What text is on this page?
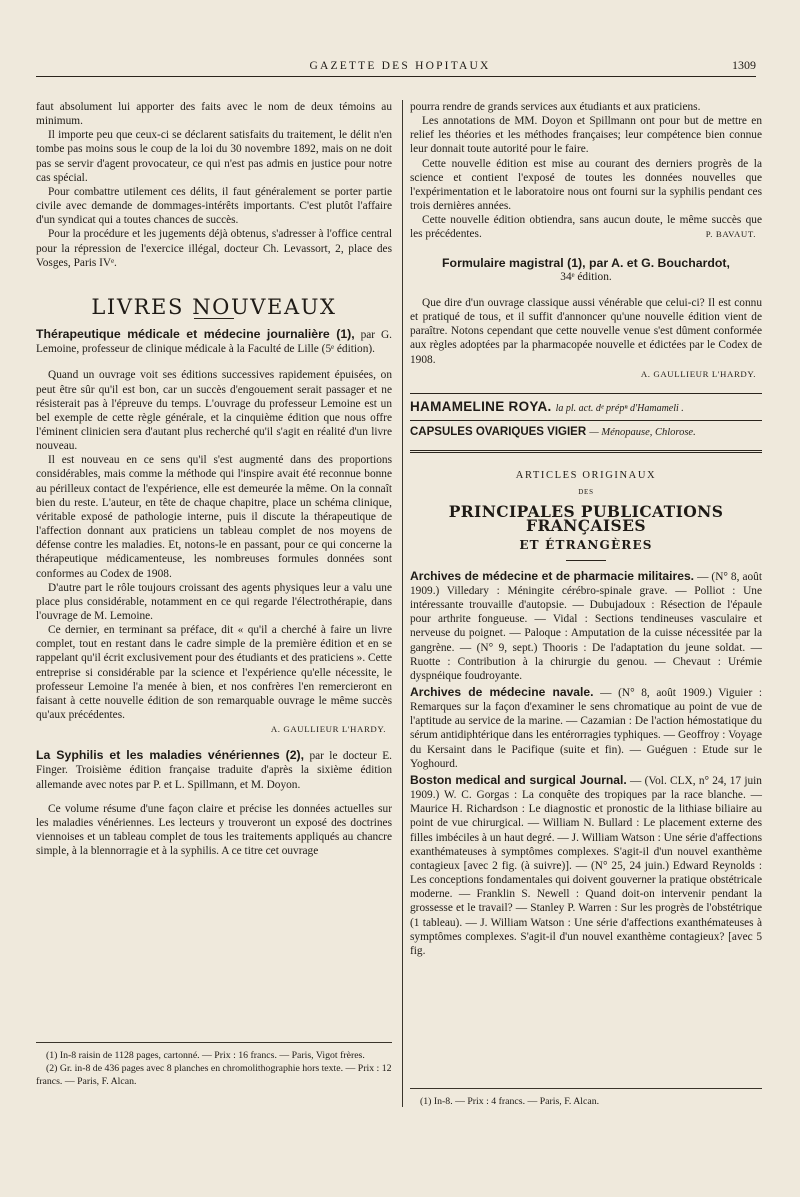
GAZETTE DES HOPITAUX	1309

faut absolument lui apporter des faits avec le nom de deux témoins au minimum.

Il importe peu que ceux-ci se déclarent satisfaits du traitement, le délit n'en tombe pas moins sous le coup de la loi du 30 novembre 1892, mais on ne doit pas se servir d'agent provocateur, ce qui n'est pas admis en justice pour notre cas spécial.

Pour combattre utilement ces délits, il faut généralement se porter partie civile avec demande de dommages-intérêts importants. C'est plutôt l'affaire d'un syndicat qui a toutes chances de succès.

Pour la procédure et les jugements déjà obtenus, s'adresser à l'office central pour la répression de l'exercice illégal, docteur Ch. Levassort, 2, place des Vosges, Paris IVᵉ.

LIVRES NOUVEAUX

Thérapeutique médicale et médecine journalière (1), par G. Lemoine, professeur de clinique médicale à la Faculté de Lille (5ᵉ édition).

Quand un ouvrage voit ses éditions successives rapidement épuisées, on peut être sûr qu'il est bon, car un succès d'engouement serait passager et ne résisterait pas à l'épreuve du temps. L'ouvrage du professeur Lemoine est un bel exemple de cette règle générale, et la cinquième édition que nous offre l'éminent clinicien sera d'autant plus recherché qu'il s'agit en réalité d'un livre nouveau.

Il est nouveau en ce sens qu'il s'est augmenté dans des proportions considérables, mais comme la méthode qui l'inspire avait été reconnue bonne au périlleux contact de l'expérience, elle est demeurée la même. On la connaît bien du reste. L'auteur, en tête de chaque chapitre, place un schéma clinique, véritable exposé de pathologie interne, puis il discute la thérapeutique de l'affection donnant aux praticiens un tableau complet de nos moyens de défense contre les maladies. Et, notons-le en passant, pour ce qui concerne la thérapeutique médicamenteuse, les nombreuses formules données sont conformes au Codex de 1908.

D'autre part le rôle toujours croissant des agents physiques leur a valu une place plus considérable, notamment en ce qui regarde l'électrothérapie, dans l'ouvrage de M. Lemoine.

Ce dernier, en terminant sa préface, dit « qu'il a cherché à faire un livre complet, tout en restant dans le cadre simple de la première édition et en se rappelant qu'il écrit exclusivement pour des étudiants et des praticiens ». Cette entreprise si considérable par la science et l'expérience qu'elle nécessite, le professeur Lemoine l'a menée à bien, et nos confrères l'en remercieront en faisant à cette nouvelle édition de son remarquable ouvrage le même succès qu'aux précédentes.

A. GAULLIEUR L'HARDY.

La Syphilis et les maladies vénériennes (2), par le docteur E. Finger. Troisième édition française traduite d'après la sixième édition allemande avec notes par P. et L. Spillmann, et M. Doyon.

Ce volume résume d'une façon claire et précise les données actuelles sur les maladies vénériennes. Les lecteurs y trouveront un exposé des doctrines viennoises et un tableau complet de tous les traitements appliqués au chancre simple, à la blennorragie et à la syphilis. A ce titre cet ouvrage

(1) In-8 raisin de 1128 pages, cartonné. — Prix : 16 francs. — Paris, Vigot frères.

(2) Gr. in-8 de 436 pages avec 8 planches en chromolithographie hors texte. — Prix : 12 francs. — Paris, F. Alcan.

pourra rendre de grands services aux étudiants et aux praticiens.

Les annotations de MM. Doyon et Spillmann ont pour but de mettre en relief les théories et les méthodes françaises; leur compétence bien connue leur donnait toute autorité pour le faire.

Cette nouvelle édition est mise au courant des derniers progrès de la science et contient l'exposé de toutes les données nouvelles que l'expérimentation et le laboratoire nous ont fourni sur la syphilis pendant ces trois dernières années.

Cette nouvelle édition obtiendra, sans aucun doute, le même succès que les précédentes.	P. BAVAUT.

Formulaire magistral (1), par A. et G. Bouchardot,
34ᵉ édition.

Que dire d'un ouvrage classique aussi vénérable que celui-ci? Il est connu et pratiqué de tous, et il suffit d'annoncer qu'une nouvelle édition vient de paraître. Notons cependant que cette nouvelle venue s'est dûment conformée aux règles adoptées par la pharmacopée nouvelle et édictées par le Codex de 1908.

A. GAULLIEUR L'HARDY.
HAMAMELINE ROYA. la pl. act. dᵉ prépⁿ d'Hamameli .
CAPSULES OVARIQUES VIGIER — Ménopause, Chlorose.
ARTICLES ORIGINAUX
DES
PRINCIPALES PUBLICATIONS FRANÇAISES
ET ÉTRANGÈRES

Archives de médecine et de pharmacie militaires. — (N° 8, août 1909.) Villedary : Méningite cérébro-spinale grave. — Polliot : Une intéressante trouvaille d'autopsie. — Dubujadoux : Résection de l'épaule pour arthrite fongueuse. — Vidal : Sections tendineuses vasculaire et nerveuse du poignet. — Paloque : Amputation de la cuisse nécessitée par la gangrène. — (N° 9, sept.) Thooris : De l'adaptation du jeune soldat. — Ruotte : Contribution à la chirurgie du genou. — Chevaut : Urémie dyspnéique foudroyante.

Archives de médecine navale. — (N° 8, août 1909.) Viguier : Remarques sur la façon d'examiner le sens chromatique au point de vue de l'aptitude au service de la marine. — Cazamian : De l'action hémostatique du sérum antidiphtérique dans les entérorragies typhiques. — Geoffroy : Voyage du Kersaint dans le Pacifique (suite et fin). — Guéguen : Etude sur le Yoghourd.

Boston medical and surgical Journal. — (Vol. CLX, n° 24, 17 juin 1909.) W. C. Gorgas : La conquête des tropiques par la race blanche. — Maurice H. Richardson : Le diagnostic et pronostic de la lithiase biliaire au point de vue chirurgical. — William N. Bullard : Le placement externe des filles imbéciles à un haut degré. — J. William Watson : Une série d'affections exanthémateuses à symptômes complexes. S'agit-il d'un nouvel exanthème contagieux [avec 2 fig. (à suivre)]. — (N° 25, 24 juin.) Edward Reynolds : Les conceptions fondamentales qui doivent gouverner la pratique obstétricale moderne. — Franklin S. Newell : Quand doit-on intervenir pendant la grossesse et le travail? — Stanley P. Warren : Sur les progrès de l'obstétrique (1 tableau). — J. William Watson : Une série d'affections exanthémateuses à symptômes complexes. S'agit-il d'un nouvel exanthème contagieux? [avec 5 fig.

(1) In-8. — Prix : 4 francs. — Paris, F. Alcan.
